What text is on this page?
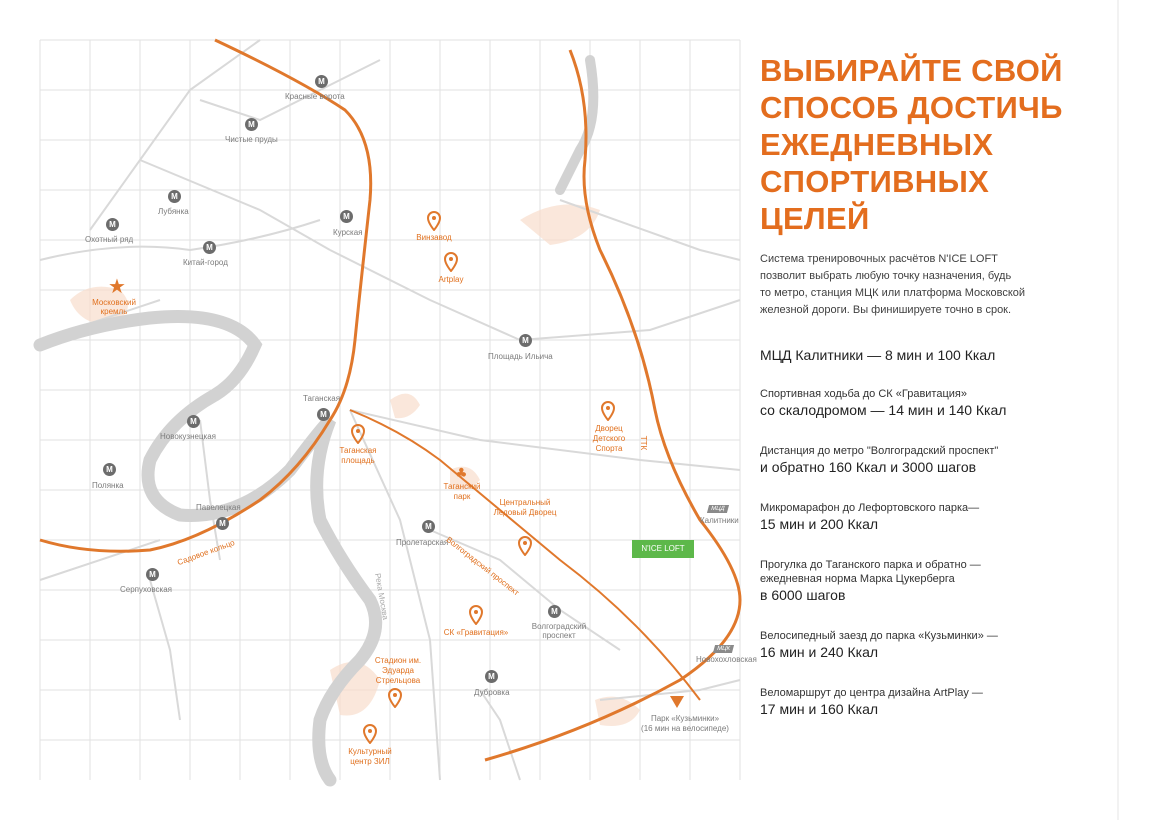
★
♣
М
Красные ворота
М
Чистые пруды
М
Лубянка
М
Охотный ряд
М
Китай-город
М
Курская
М
Площадь Ильича
М
Таганская
М
Новокузнецкая
М
Полянка
М
Павелецкая
М
Серпуховская
М
Пролетарская
М
Волгоградский проспект
М
Дубровка
Московский кремль
Винзавод
Artplay
Таганская площадь
Таганский парк
Дворец Детского Спорта
Центральный Ледовый Дворец
СК «Гравитация»
Стадион им. Эдуарда Стрельцова
Культурный центр ЗИЛ
Парк «Кузьминки»
(16 мин на велосипеде)
Садовое кольцо	Волгоградский проспект
ТТК
Река Москва
МЦД
Калитники
МЦК
Новохохловская
N'ICE LOFT
ВЫБИРАЙТЕ СВОЙ
СПОСОБ ДОСТИЧЬ
ЕЖЕДНЕВНЫХ
СПОРТИВНЫХ
ЦЕЛЕЙ
Система тренировочных расчётов N'ICE LOFT
позволит выбрать любую точку назначения, будь
то метро, станция МЦК или платформа Московской
железной дороги. Вы финишируете точно в срок.
МЦД Калитники — 8 мин и 100 Ккал
Спортивная ходьба до СК «Гравитация»
со скалодромом — 14 мин и 140 Ккал
Дистанция до метро "Волгоградский проспект"
и обратно 160 Ккал и 3000 шагов
Микромарафон до Лефортовского парка—
15 мин и 200 Ккал
Прогулка до Таганского парка и обратно —
ежедневная норма Марка Цукерберга
в 6000 шагов
Велосипедный заезд до парка «Кузьминки» —
16 мин и 240 Ккал
Веломаршрут до центра дизайна ArtPlay —
17 мин и 160 Ккал
